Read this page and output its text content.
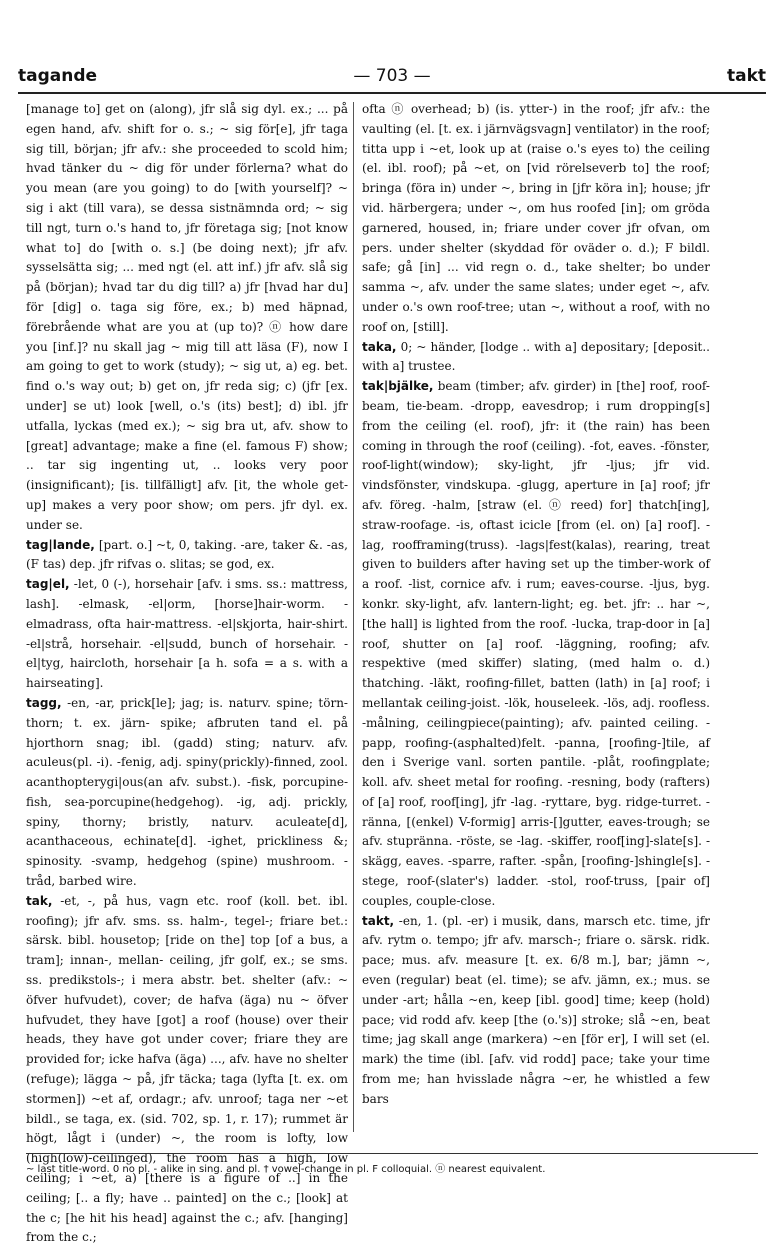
tagande	— 703 —	takt

[manage to] get on (along), jfr slå sig dyl. ex.; ... på egen hand, afv. shift for o. s.; ~ sig för[e], jfr taga sig till, början; jfr afv.: she proceeded to scold him; hvad tänker du ~ dig för under förlerna? what do you mean (are you going) to do [with yourself]? ~ sig i akt (till vara), se dessa sistnämnda ord; ~ sig till ngt, turn o.'s hand to, jfr företaga sig; [not know what to] do [with o. s.] (be doing next); jfr afv. sysselsätta sig; ... med ngt (el. att inf.) jfr afv. slå sig på (början); hvad tar du dig till? a) jfr [hvad har du] för [dig] o. taga sig före, ex.; b) med häpnad, förebrående what are you at (up to)? ⓝ how dare you [inf.]? nu skall jag ~ mig till att läsa (F), now I am going to get to work (study); ~ sig ut, a) eg. bet. find o.'s way out; b) get on, jfr reda sig; c) (jfr [ex. under] se ut) look [well, o.'s (its) best]; d) ibl. jfr utfalla, lyckas (med ex.); ~ sig bra ut, afv. show to [great] advantage; make a fine (el. famous F) show; .. tar sig ingenting ut, .. looks very poor (insignificant); [is. tillfälligt] afv. [it, the whole get-up] makes a very poor show; om pers. jfr dyl. ex. under se.

tag|lande, [part. o.] ~t, 0, taking. -are, taker &. -as, (F tas) dep. jfr rifvas o. slitas; se god, ex.

tag|el, -let, 0 (-), horsehair [afv. i sms. ss.: mattress, lash]. -elmask, -el|orm, [horse]hair-worm. -elmadrass, ofta hair-mattress. -el|skjorta, hair-shirt. -el|strå, horsehair. -el|sudd, bunch of horsehair. -el|tyg, haircloth, horsehair [a h. sofa = a s. with a hairseating].

tagg, -en, -ar, prick[le]; jag; is. naturv. spine; törn- thorn; t. ex. järn- spike; afbruten tand el. på hjorthorn snag; ibl. (gadd) sting; naturv. afv. aculeus(pl. -i). -fenig, adj. spiny(prickly)-finned, zool. acanthopterygi|ous(an afv. subst.). -fisk, porcupine-fish, sea-porcupine(hedgehog). -ig, adj. prickly, spiny, thorny; bristly, naturv. aculeate[d], acanthaceous, echinate[d]. -ighet, prickliness &; spinosity. -svamp, hedgehog (spine) mushroom. -tråd, barbed wire.

tak, -et, -, på hus, vagn etc. roof (koll. bet. ibl. roofing); jfr afv. sms. ss. halm-, tegel-; friare bet.: särsk. bibl. housetop; [ride on the] top [of a bus, a tram]; innan-, mellan- ceiling, jfr golf, ex.; se sms. ss. predikstols-; i mera abstr. bet. shelter (afv.: ~ öfver hufvudet), cover; de hafva (äga) nu ~ öfver hufvudet, they have [got] a roof (house) over their heads, they have got under cover; friare they are provided for; icke hafva (äga) ..., afv. have no shelter (refuge); lägga ~ på, jfr täcka; taga (lyfta [t. ex. om stormen]) ~et af, ordagr.; afv. unroof; taga ner ~et bildl., se taga, ex. (sid. 702, sp. 1, r. 17); rummet är högt, lågt i (under) ~, the room is lofty, low (high(low)-ceilinged), the room has a high, low ceiling; i ~et, a) [there is a figure of ..] in the ceiling; [.. a fly; have .. painted] on the c.; [look] at the c; [he hit his head] against the c.; afv. [hanging] from the c.;

ofta ⓝ overhead; b) (is. ytter-) in the roof; jfr afv.: the vaulting (el. [t. ex. i järnvägsvagn] ventilator) in the roof; titta upp i ~et, look up at (raise o.'s eyes to) the ceiling (el. ibl. roof); på ~et, on [vid rörelseverb to] the roof; bringa (föra in) under ~, bring in [jfr köra in]; house; jfr vid. härbergera; under ~, om hus roofed [in]; om gröda garnered, housed, in; friare under cover jfr ofvan, om pers. under shelter (skyddad för oväder o. d.); F bildl. safe; gå [in] ... vid regn o. d., take shelter; bo under samma ~, afv. under the same slates; under eget ~, afv. under o.'s own roof-tree; utan ~, without a roof, with no roof on, [still].

taka, 0; ~ händer, [lodge .. with a] depositary; [deposit.. with a] trustee.

tak|bjälke, beam (timber; afv. girder) in [the] roof, roof-beam, tie-beam. -dropp, eavesdrop; i rum dropping[s] from the ceiling (el. roof), jfr: it (the rain) has been coming in through the roof (ceiling). -fot, eaves. -fönster, roof-light(window); sky-light, jfr -ljus; jfr vid. vindsfönster, vindskupa. -glugg, aperture in [a] roof; jfr afv. föreg. -halm, [straw (el. ⓝ reed) for] thatch[ing], straw-roofage. -is, oftast icicle [from (el. on) [a] roof]. -lag, roofframing(truss). -lags|fest(kalas), rearing, treat given to builders after having set up the timber-work of a roof. -list, cornice afv. i rum; eaves-course. -ljus, byg. konkr. sky-light, afv. lantern-light; eg. bet. jfr: .. har ~, [the hall] is lighted from the roof. -lucka, trap-door in [a] roof, shutter on [a] roof. -läggning, roofing; afv. respektive (med skiffer) slating, (med halm o. d.) thatching. -läkt, roofing-fillet, batten (lath) in [a] roof; i mellantak ceiling-joist. -lök, houseleek. -lös, adj. roofless. -målning, ceilingpiece(painting); afv. painted ceiling. -papp, roofing-(asphalted)felt. -panna, [roofing-]tile, af den i Sverige vanl. sorten pantile. -plåt, roofingplate; koll. afv. sheet metal for roofing. -resning, body (rafters) of [a] roof, roof[ing], jfr -lag. -ryttare, byg. ridge-turret. -ränna, [(enkel) V-formig] arris-[]gutter, eaves-trough; se afv. stupränna. -röste, se -lag. -skiffer, roof[ing]-slate[s]. -skägg, eaves. -sparre, rafter. -spån, [roofing-]shingle[s]. -stege, roof-(slater's) ladder. -stol, roof-truss, [pair of] couples, couple-close.

takt, -en, 1. (pl. -er) i musik, dans, marsch etc. time, jfr afv. rytm o. tempo; jfr afv. marsch-; friare o. särsk. ridk. pace; mus. afv. measure [t. ex. 6/8 m.], bar; jämn ~, even (regular) beat (el. time); se afv. jämn, ex.; mus. se under -art; hålla ~en, keep [ibl. good] time; keep (hold) pace; vid rodd afv. keep [the (o.'s)] stroke; slå ~en, beat time; jag skall ange (markera) ~en [för er], I will set (el. mark) the time (ibl. [afv. vid rodd] pace; take your time from me; han hvisslade några ~er, he whistled a few bars

~ last title-word. 0 no pl. - alike in sing. and pl. † vowel-change in pl. F colloquial. ⓝ nearest equivalent.
